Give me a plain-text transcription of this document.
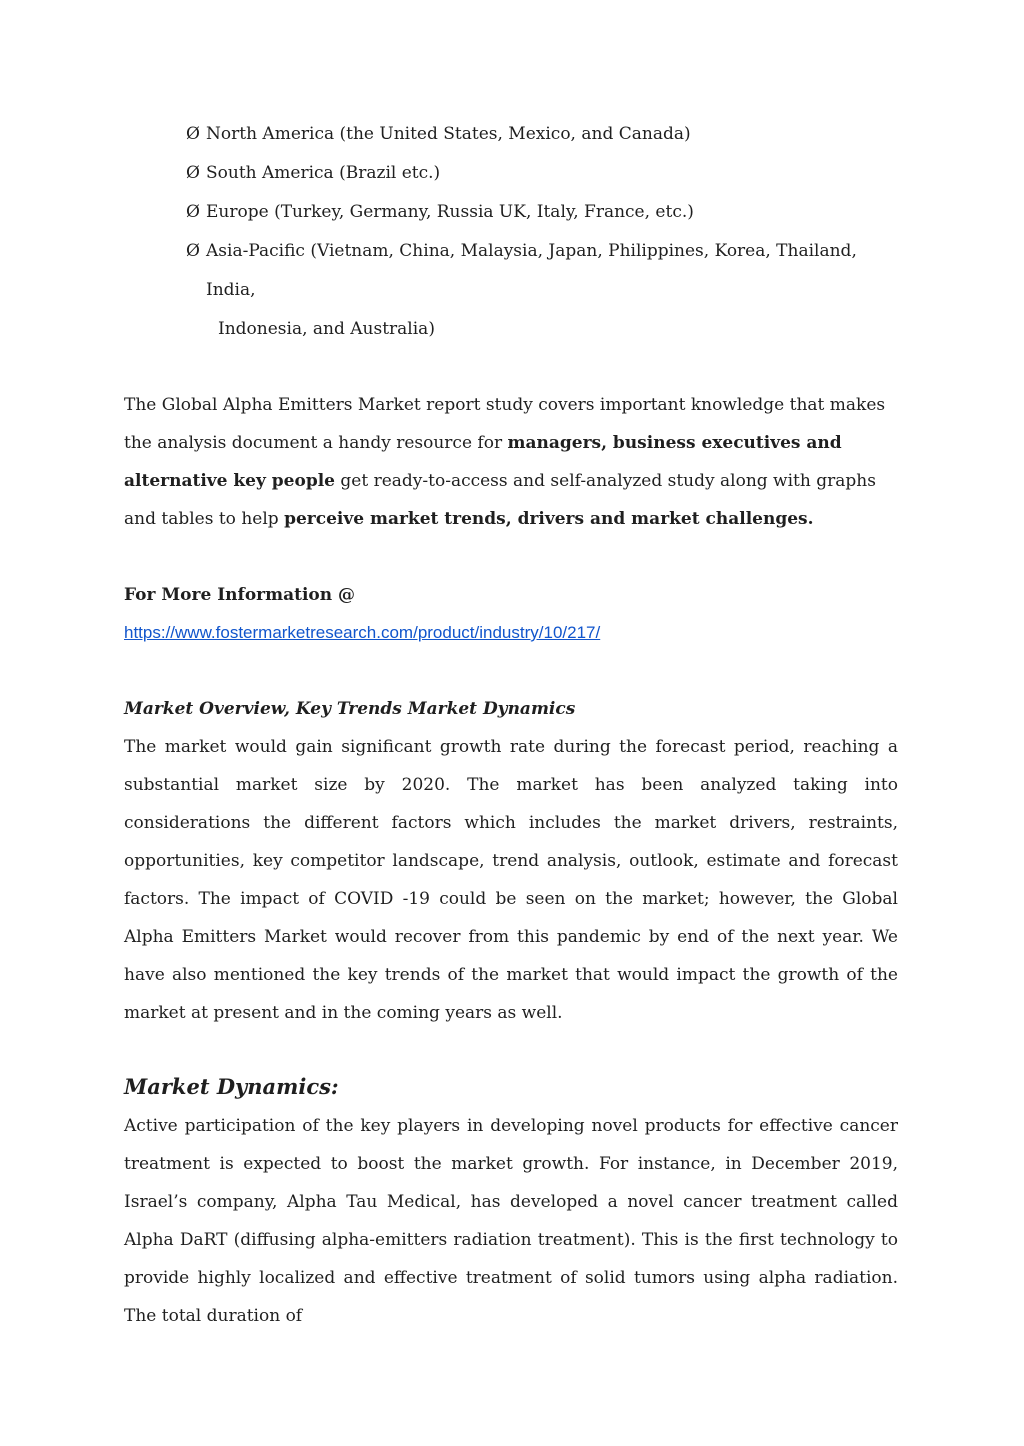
Ø North America (the United States, Mexico, and Canada)
Ø South America (Brazil etc.)
Ø Europe (Turkey, Germany, Russia UK, Italy, France, etc.)
Ø Asia-Pacific (Vietnam, China, Malaysia, Japan, Philippines, Korea, Thailand, India,
Indonesia, and Australia)

The Global Alpha Emitters Market report study covers important knowledge that makes the analysis document a handy resource for managers, business executives and alternative key people get ready-to-access and self-analyzed study along with graphs and tables to help perceive market trends, drivers and market challenges.

For More Information @

https://www.fostermarketresearch.com/product/industry/10/217/
Market Overview, Key Trends Market Dynamics

The market would gain significant growth rate during the forecast period, reaching a substantial market size by 2020. The market has been analyzed taking into considerations the different factors which includes the market drivers, restraints, opportunities, key competitor landscape, trend analysis, outlook, estimate and forecast factors. The impact of COVID -19 could be seen on the market; however, the Global Alpha Emitters Market would recover from this pandemic by end of the next year. We have also mentioned the key trends of the market that would impact the growth of the market at present and in the coming years as well.

Market Dynamics:

Active participation of the key players in developing novel products for effective cancer treatment is expected to boost the market growth. For instance, in December 2019, Israel’s company, Alpha Tau Medical, has developed a novel cancer treatment called Alpha DaRT (diffusing alpha-emitters radiation treatment). This is the first technology to provide highly localized and effective treatment of solid tumors using alpha radiation. The total duration of
